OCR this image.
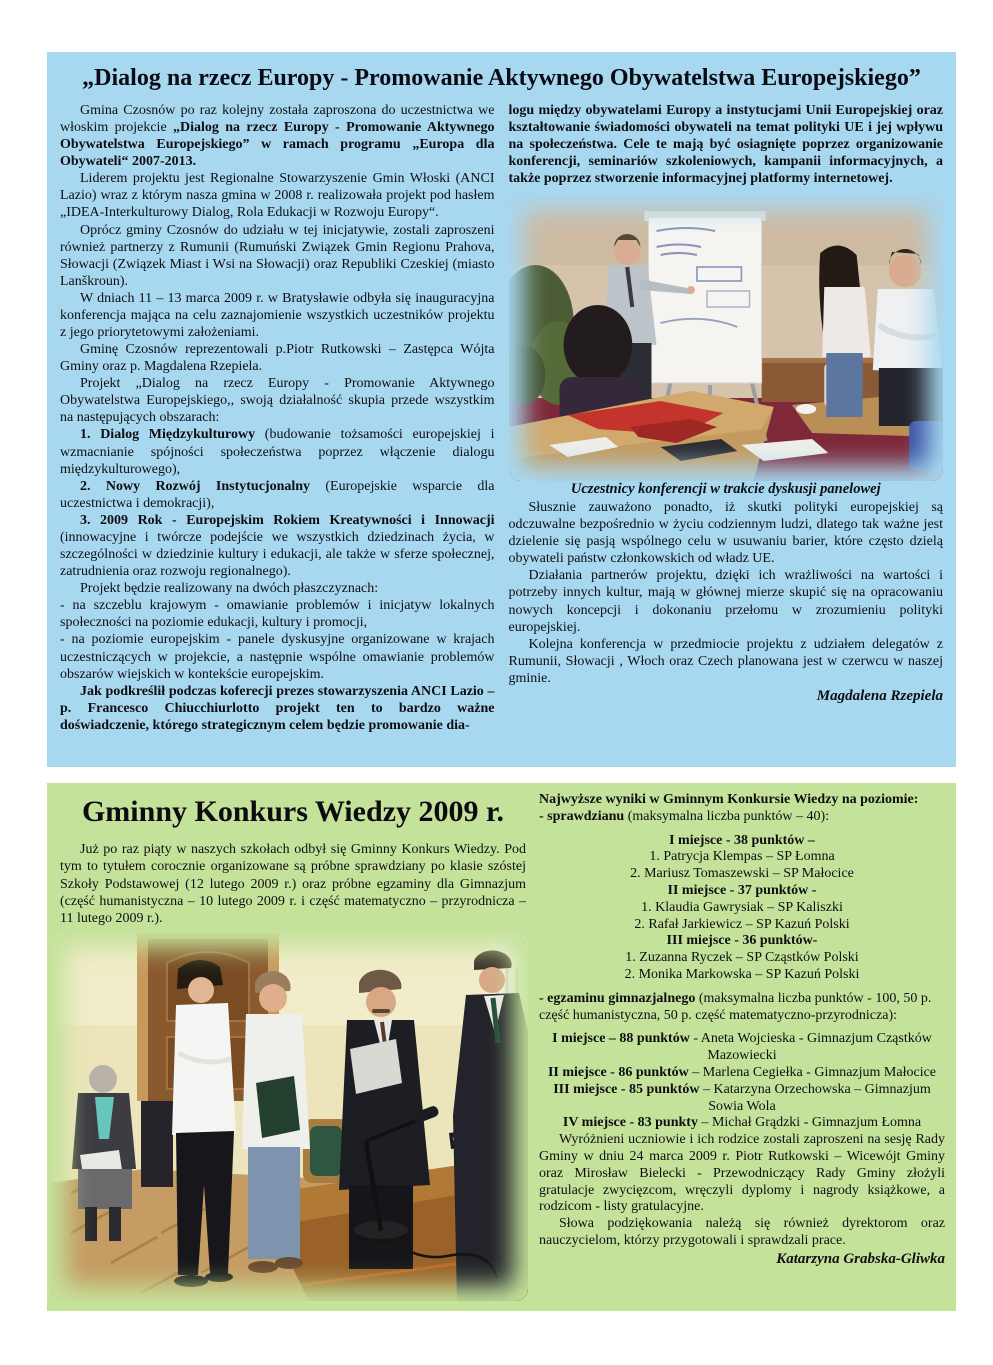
„Dialog na rzecz Europy - Promowanie Aktywnego Obywatelstwa Europejskiego”

Gmina Czosnów po raz kolejny została zaproszona do uczestnictwa we włoskim projekcie „Dialog na rzecz Europy - Promowanie Aktywnego Obywatelstwa Europejskiego” w ramach programu „Europa dla Obywateli“ 2007-2013.

Liderem projektu jest Regionalne Stowarzyszenie Gmin Włoski (ANCI Lazio) wraz z którym nasza gmina w 2008 r. realizowała projekt pod hasłem „IDEA-Interkulturowy Dialog, Rola Edukacji w Rozwoju Europy“.

Oprócz gminy Czosnów do udziału w tej inicjatywie, zostali zaproszeni również partnerzy z Rumunii (Rumuński Związek Gmin Regionu Prahova, Słowacji (Związek Miast i Wsi na Słowacji) oraz Republiki Czeskiej (miasto Lanškroun).

W dniach 11 – 13 marca 2009 r. w Bratysławie odbyła się inauguracyjna konferencja mająca na celu zaznajomienie wszystkich uczestników projektu z jego priorytetowymi założeniami.

Gminę Czosnów reprezentowali p.Piotr Rutkowski – Zastępca Wójta Gminy oraz p. Magdalena Rzepiela.

Projekt „Dialog na rzecz Europy - Promowanie Aktywnego Obywatelstwa Europejskiego,, swoją działalność skupia przede wszystkim na następujących obszarach:

1. Dialog Międzykulturowy (budowanie tożsamości europejskiej i wzmacnianie spójności społeczeństwa poprzez włączenie dialogu międzykulturowego),

2. Nowy Rozwój Instytucjonalny (Europejskie wsparcie dla uczestnictwa i demokracji),

3. 2009 Rok - Europejskim Rokiem Kreatywności i Innowacji (innowacyjne i twórcze podejście we wszystkich dziedzinach życia, w szczególności w dziedzinie kultury i edukacji, ale także w sferze społecznej, zatrudnienia oraz rozwoju regionalnego).

Projekt będzie realizowany na dwóch płaszczyznach:

- na szczeblu krajowym - omawianie problemów i inicjatyw lokalnych społeczności na poziomie edukacji, kultury i promocji,

- na poziomie europejskim - panele dyskusyjne organizowane w krajach uczestniczących w projekcie, a następnie wspólne omawianie problemów obszarów wiejskich w kontekście europejskim.

Jak podkreślił podczas koferecji prezes stowarzyszenia ANCI Lazio – p. Francesco Chiucchiurlotto projekt ten to bardzo ważne doświadczenie, którego strategicznym celem będzie promowanie dia-

logu między obywatelami Europy a instytucjami Unii Europejskiej oraz kształtowanie świadomości obywateli na temat polityki UE i jej wpływu na społeczeństwa. Cele te mają być osiagnięte poprzez organizowanie konferencji, seminariów szkoleniowych, kampanii informacyjnych, a także poprzez stworzenie informacyjnej platformy internetowej.

Uczestnicy konferencji w trakcie dyskusji panelowej

Słusznie zauważono ponadto, iż skutki polityki europejskiej są odczuwalne bezpośrednio w życiu codziennym ludzi, dlatego tak ważne jest dzielenie się pasją wspólnego celu w usuwaniu barier, które często dzielą obywateli państw członkowskich od władz UE.

Działania partnerów projektu, dzięki ich wrażliwości na wartości i potrzeby innych kultur, mają w głównej mierze skupić się na opracowaniu nowych koncepcji i dokonaniu przełomu w zrozumieniu polityki europejskiej.

Kolejna konferencja w przedmiocie projektu z udziałem delegatów z Rumunii, Słowacji , Włoch oraz Czech planowana jest w czerwcu w naszej gminie.

Magdalena Rzepiela

Gminny Konkurs Wiedzy 2009 r.

Już po raz piąty w naszych szkołach odbył się Gminny Konkurs Wiedzy. Pod tym to tytułem corocznie organizowane są próbne sprawdziany po klasie szóstej Szkoły Podstawowej (12 lutego 2009 r.) oraz próbne egzaminy dla Gimnazjum (część humanistyczna – 10 lutego 2009 r. i część matematyczno – przyrodnicza – 11 lutego 2009 r.).

Najwyższe wyniki w Gminnym Konkursie Wiedzy na poziomie:

- sprawdzianu (maksymalna liczba punktów – 40):

I miejsce - 38 punktów –

1. Patrycja Klempas – SP Łomna

2. Mariusz Tomaszewski – SP Małocice

II miejsce - 37 punktów -

1. Klaudia Gawrysiak – SP Kaliszki

2. Rafał Jarkiewicz – SP Kazuń Polski

III miejsce - 36 punktów-

1. Zuzanna Ryczek – SP Cząstków Polski

2. Monika Markowska – SP Kazuń Polski

- egzaminu gimnazjalnego (maksymalna liczba punktów - 100, 50 p. część humanistyczna, 50 p. część matematyczno-przyrodnicza):

I miejsce – 88 punktów - Aneta Wojcieska - Gimnazjum Cząstków Mazowiecki

II miejsce - 86 punktów – Marlena Cegiełka - Gimnazjum Małocice

III miejsce - 85 punktów – Katarzyna Orzechowska – Gimnazjum Sowia Wola

IV miejsce - 83 punkty – Michał Grądzki - Gimnazjum Łomna

Wyróżnieni uczniowie i ich rodzice zostali zaproszeni na sesję Rady Gminy w dniu 24 marca 2009 r. Piotr Rutkowski – Wicewójt Gminy oraz Mirosław Bielecki - Przewodniczący Rady Gminy złożyli gratulacje zwycięzcom, wręczyli dyplomy i nagrody książkowe, a rodzicom - listy gratulacyjne.

Słowa podziękowania należą się również dyrektorom oraz nauczycielom, którzy przygotowali i sprawdzali prace.

Katarzyna Grabska-Gliwka
